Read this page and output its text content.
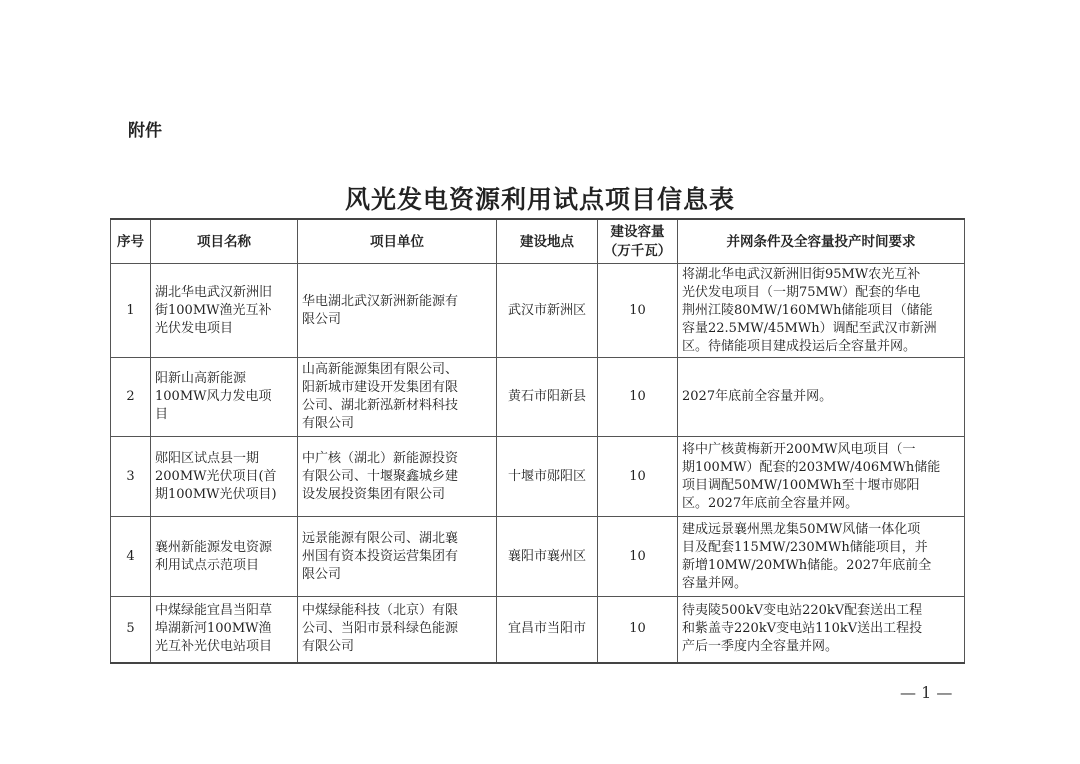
附件
风光发电资源利用试点项目信息表
序号	项目名称	项目单位	建设地点	建设容量
（万千瓦）	并网条件及全容量投产时间要求
1	湖北华电武汉新洲旧
街100MW渔光互补
光伏发电项目	华电湖北武汉新洲新能源有
限公司	武汉市新洲区	10	将湖北华电武汉新洲旧街95MW农光互补
光伏发电项目（一期75MW）配套的华电
荆州江陵80MW/160MWh储能项目（储能
容量22.5MW/45MWh）调配至武汉市新洲
区。待储能项目建成投运后全容量并网。

2	阳新山高新能源
100MW风力发电项
目	山高新能源集团有限公司、
阳新城市建设开发集团有限
公司、湖北新泓新材料科技
有限公司	黄石市阳新县	10	2027年底前全容量并网。

3	郧阳区试点县一期
200MW光伏项目(首
期100MW光伏项目)	中广核（湖北）新能源投资
有限公司、十堰聚鑫城乡建
设发展投资集团有限公司	十堰市郧阳区	10	将中广核黄梅新开200MW风电项目（一
期100MW）配套的203MW/406MWh储能
项目调配50MW/100MWh至十堰市郧阳
区。2027年底前全容量并网。

4	襄州新能源发电资源
利用试点示范项目	远景能源有限公司、湖北襄
州国有资本投资运营集团有
限公司	襄阳市襄州区	10	建成远景襄州黑龙集50MW风储一体化项
目及配套115MW/230MWh储能项目，并
新增10MW/20MWh储能。2027年底前全
容量并网。

5	中煤绿能宜昌当阳草
埠湖新河100MW渔
光互补光伏电站项目	中煤绿能科技（北京）有限
公司、当阳市景科绿色能源
有限公司	宜昌市当阳市	10	待夷陵500kV变电站220kV配套送出工程
和紫盖寺220kV变电站110kV送出工程投
产后一季度内全容量并网。
— 1 —
